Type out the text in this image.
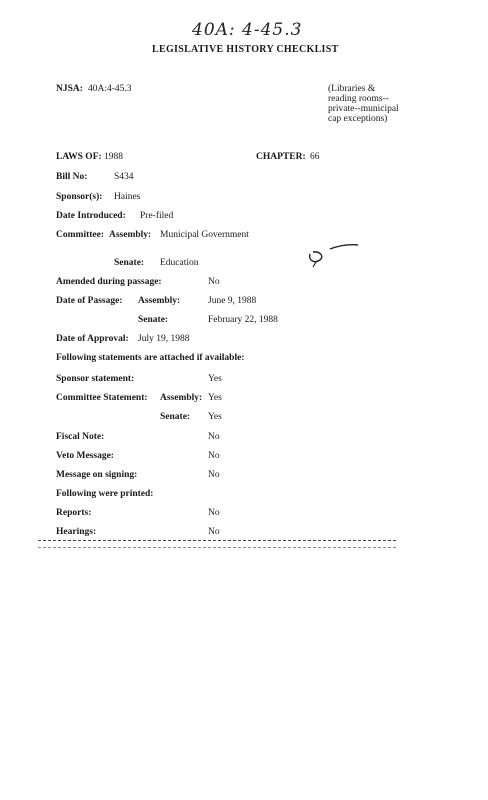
40A: 4-45.3
LEGISLATIVE HISTORY CHECKLIST
NJSA: 40A:4-45.3	(Libraries &
reading rooms--
private--municipal
cap exceptions)
LAWS OF: 1988	CHAPTER: 66
Bill No:	S434
Sponsor(s): Haines
Date Introduced: Pre-filed
Committee: Assembly: Municipal Government
Senate: Education
Amended during passage:	No
Date of Passage: Assembly:	June 9, 1988
Senate:	February 22, 1988
Date of Approval: July 19, 1988
Following statements are attached if available:
Sponsor statement:	Yes
Committee Statement: Assembly: Yes
Senate: Yes
Fiscal Note:	No
Veto Message:	No
Message on signing:	No
Following were printed:
Reports:	No
Hearings:	No
